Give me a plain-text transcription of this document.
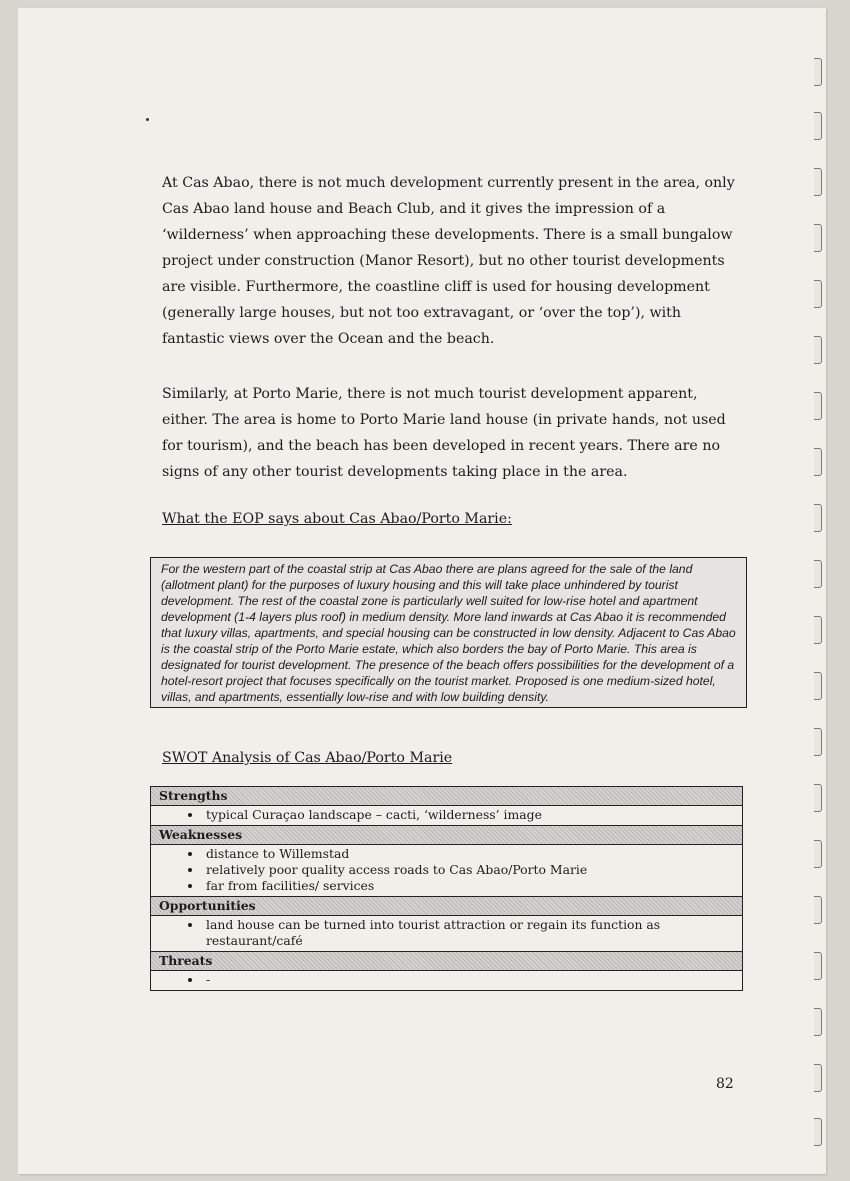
At Cas Abao, there is not much development currently present in the area, only Cas Abao land house and Beach Club, and it gives the impression of a ‘wilderness’ when approaching these developments. There is a small bungalow project under construction (Manor Resort), but no other tourist developments are visible. Furthermore, the coastline cliff is used for housing development (generally large houses, but not too extravagant, or ‘over the top’), with fantastic views over the Ocean and the beach.

Similarly, at Porto Marie, there is not much tourist development apparent, either. The area is home to Porto Marie land house (in private hands, not used for tourism), and the beach has been developed in recent years. There are no signs of any other tourist developments taking place in the area.

What the EOP says about Cas Abao/Porto Marie:

For the western part of the coastal strip at Cas Abao there are plans agreed for the sale of the land (allotment plant) for the purposes of luxury housing and this will take place unhindered by tourist development. The rest of the coastal zone is particularly well suited for low-rise hotel and apartment development (1-4 layers plus roof) in medium density. More land inwards at Cas Abao it is recommended that luxury villas, apartments, and special housing can be constructed in low density. Adjacent to Cas Abao is the coastal strip of the Porto Marie estate, which also borders the bay of Porto Marie. This area is designated for tourist development. The presence of the beach offers possibilities for the development of a hotel-resort project that focuses specifically on the tourist market. Proposed is one medium-sized hotel, villas, and apartments, essentially low-rise and with low building density.

SWOT Analysis of Cas Abao/Porto Marie

Strengths
typical Curaçao landscape – cacti, ‘wilderness’ image
Weaknesses
distance to Willemstad
relatively poor quality access roads to Cas Abao/Porto Marie
far from facilities/ services
Opportunities
land house can be turned into tourist attraction or regain its function as restaurant/café
Threats
-
82
